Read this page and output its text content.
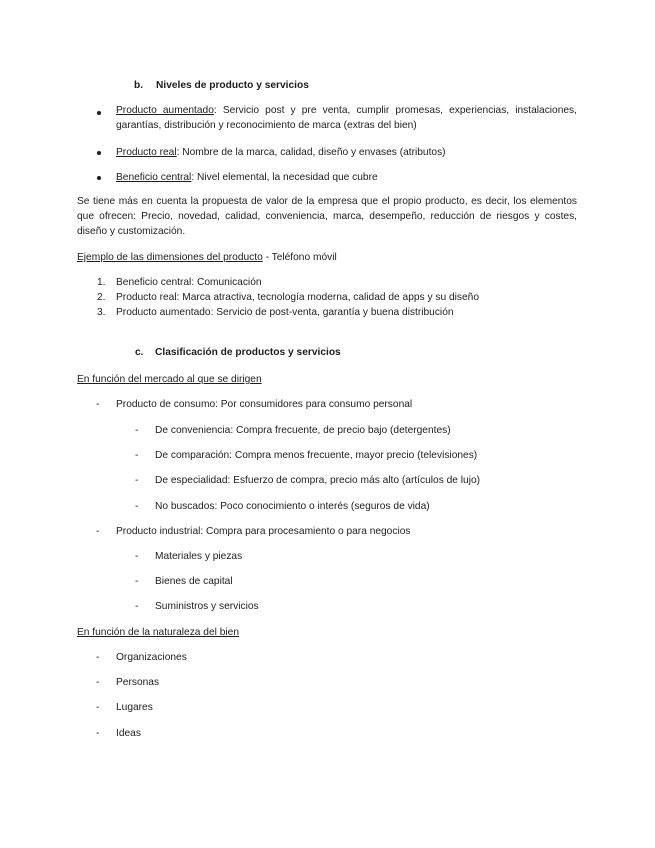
b. Niveles de producto y servicios
Producto aumentado: Servicio post y pre venta, cumplir promesas, experiencias, instalaciones, garantías, distribución y reconocimiento de marca (extras del bien)
Producto real: Nombre de la marca, calidad, diseño y envases (atributos)
Beneficio central: Nivel elemental, la necesidad que cubre
Se tiene más en cuenta la propuesta de valor de la empresa que el propio producto, es decir, los elementos que ofrecen: Precio, novedad, calidad, conveniencia, marca, desempeño, reducción de riesgos y costes, diseño y customización.
Ejemplo de las dimensiones del producto - Teléfono móvil
1. Beneficio central: Comunicación
2. Producto real: Marca atractiva, tecnología moderna, calidad de apps y su diseño
3. Producto aumentado: Servicio de post-venta, garantía y buena distribución
c. Clasificación de productos y servicios
En función del mercado al que se dirigen
- Producto de consumo: Por consumidores para consumo personal
- De conveniencia: Compra frecuente, de precio bajo (detergentes)
- De comparación: Compra menos frecuente, mayor precio (televisiones)
- De especialidad: Esfuerzo de compra, precio más alto (artículos de lujo)
- No buscados: Poco conocimiento o interés (seguros de vida)
- Producto industrial: Compra para procesamiento o para negocios
- Materiales y piezas
- Bienes de capital
- Suministros y servicios
En función de la naturaleza del bien
- Organizaciones
- Personas
- Lugares
- Ideas
